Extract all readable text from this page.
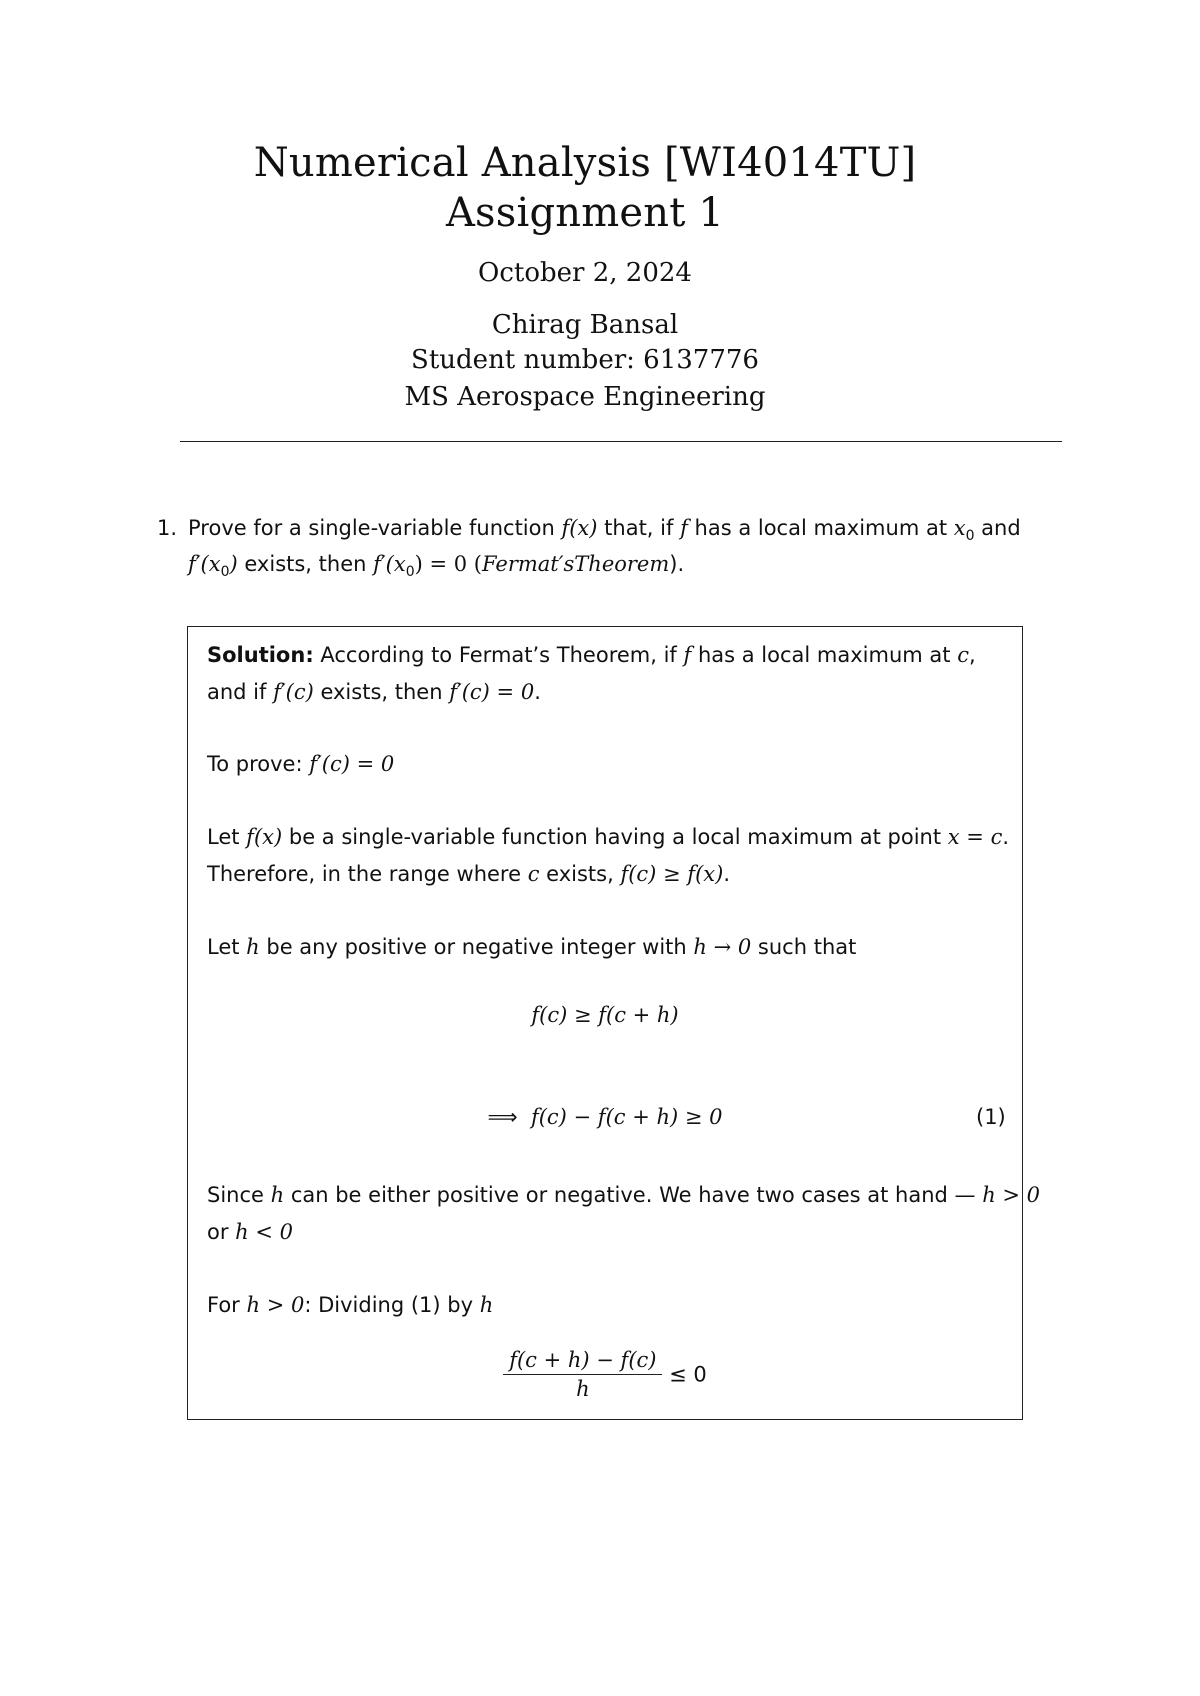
Numerical Analysis [WI4014TU]
Assignment 1
October 2, 2024
Chirag Bansal
Student number: 6137776
MS Aerospace Engineering
1. Prove for a single-variable function f(x) that, if f has a local maximum at $x_0$ and
$f'(x_0)$ exists, then $f'(x_0) = 0$ (Fermat′sTheorem).
Solution: According to Fermat’s Theorem, if f has a local maximum at c,
and if f′(c) exists, then f′(c) = 0.
To prove: f′(c) = 0
Let f(x) be a single-variable function having a local maximum at point x = c.
Therefore, in the range where c exists, f(c) ≥ f(x).
Let h be any positive or negative integer with h → 0 such that
f(c) ≥ f(c + h)
⟹ f(c) − f(c + h) ≥ 0	(1)
Since h can be either positive or negative. We have two cases at hand — h > 0
or h < 0
For h > 0: Dividing (1) by h
$\frac{f(c + h) - f(c)}{h} \le 0$
